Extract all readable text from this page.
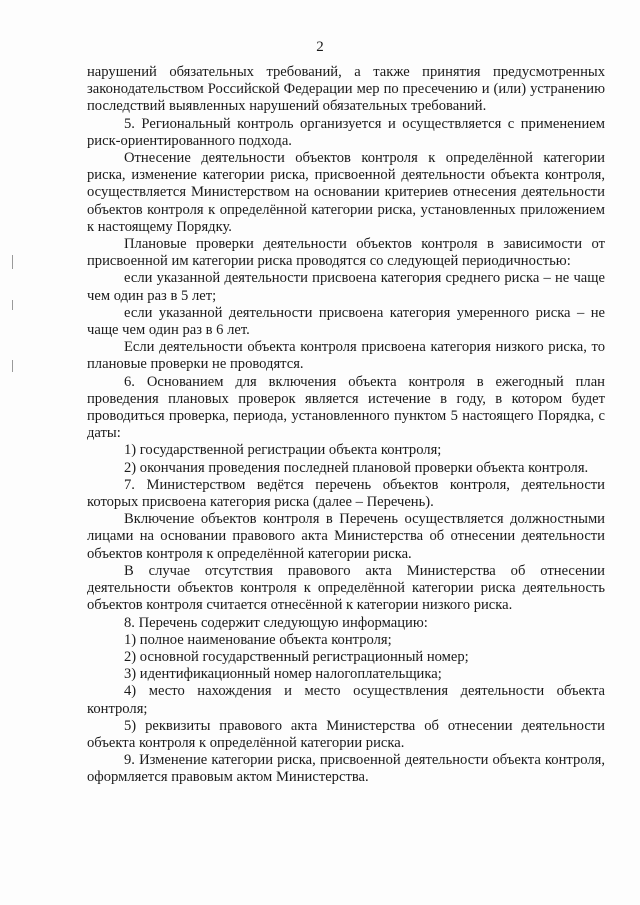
2

нарушений обязательных требований, а также принятия предусмотренных законодательством Российской Федерации мер по пресечению и (или) устранению последствий выявленных нарушений обязательных требований.

5. Региональный контроль организуется и осуществляется с применением риск-ориентированного подхода.

Отнесение деятельности объектов контроля к определённой категории риска, изменение категории риска, присвоенной деятельности объекта контроля, осуществляется Министерством на основании критериев отнесения деятельности объектов контроля к определённой категории риска, установленных приложением к настоящему Порядку.

Плановые проверки деятельности объектов контроля в зависимости от присвоенной им категории риска проводятся со следующей периодичностью:

если указанной деятельности присвоена категория среднего риска – не чаще чем один раз в 5 лет;

если указанной деятельности присвоена категория умеренного риска – не чаще чем один раз в 6 лет.

Если деятельности объекта контроля присвоена категория низкого риска, то плановые проверки не проводятся.

6. Основанием для включения объекта контроля в ежегодный план проведения плановых проверок является истечение в году, в котором будет проводиться проверка, периода, установленного пунктом 5 настоящего Порядка, с даты:

1) государственной регистрации объекта контроля;

2) окончания проведения последней плановой проверки объекта контроля.

7. Министерством ведётся перечень объектов контроля, деятельности которых присвоена категория риска (далее – Перечень).

Включение объектов контроля в Перечень осуществляется должностными лицами на основании правового акта Министерства об отнесении деятельности объектов контроля к определённой категории риска.

В случае отсутствия правового акта Министерства об отнесении деятельности объектов контроля к определённой категории риска деятельность объектов контроля считается отнесённой к категории низкого риска.

8. Перечень содержит следующую информацию:

1) полное наименование объекта контроля;

2) основной государственный регистрационный номер;

3) идентификационный номер налогоплательщика;

4) место нахождения и место осуществления деятельности объекта контроля;

5) реквизиты правового акта Министерства об отнесении деятельности объекта контроля к определённой категории риска.

9. Изменение категории риска, присвоенной деятельности объекта контроля, оформляется правовым актом Министерства.
